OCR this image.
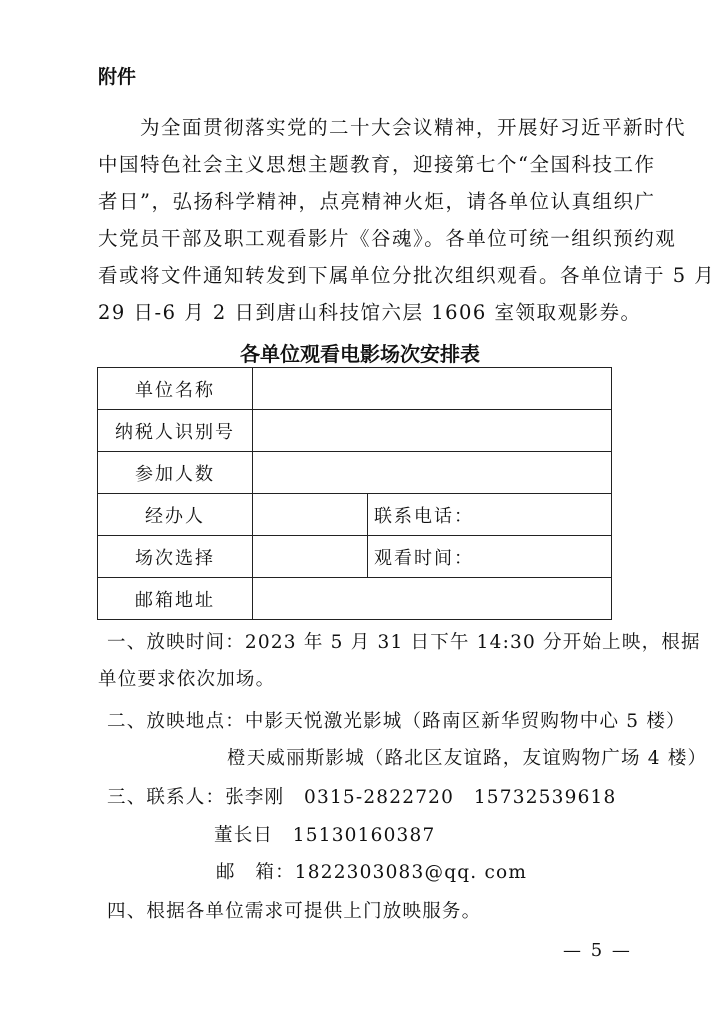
附件
为全面贯彻落实党的二十大会议精神，开展好习近平新时代
中国特色社会主义思想主题教育，迎接第七个“全国科技工作
者日”，弘扬科学精神，点亮精神火炬，请各单位认真组织广
大党员干部及职工观看影片《谷魂》。各单位可统一组织预约观
看或将文件通知转发到下属单位分批次组织观看。各单位请于 5 月
29 日-6 月 2 日到唐山科技馆六层 1606 室领取观影券。
各单位观看电影场次安排表
单位名称		
纳税人识别号		
参加人数		
经办人		联系电话：
场次选择		观看时间：
邮箱地址		
一、放映时间：2023 年 5 月 31 日下午 14:30 分开始上映，根据
单位要求依次加场。
二、放映地点：中影天悦激光影城（路南区新华贸购物中心 5 楼）
橙天威丽斯影城（路北区友谊路，友谊购物广场 4 楼）
三、联系人：张李刚　0315-2822720　15732539618
董长日　15130160387
邮　箱：1822303083@qq. com
四、根据各单位需求可提供上门放映服务。
— 5 —
